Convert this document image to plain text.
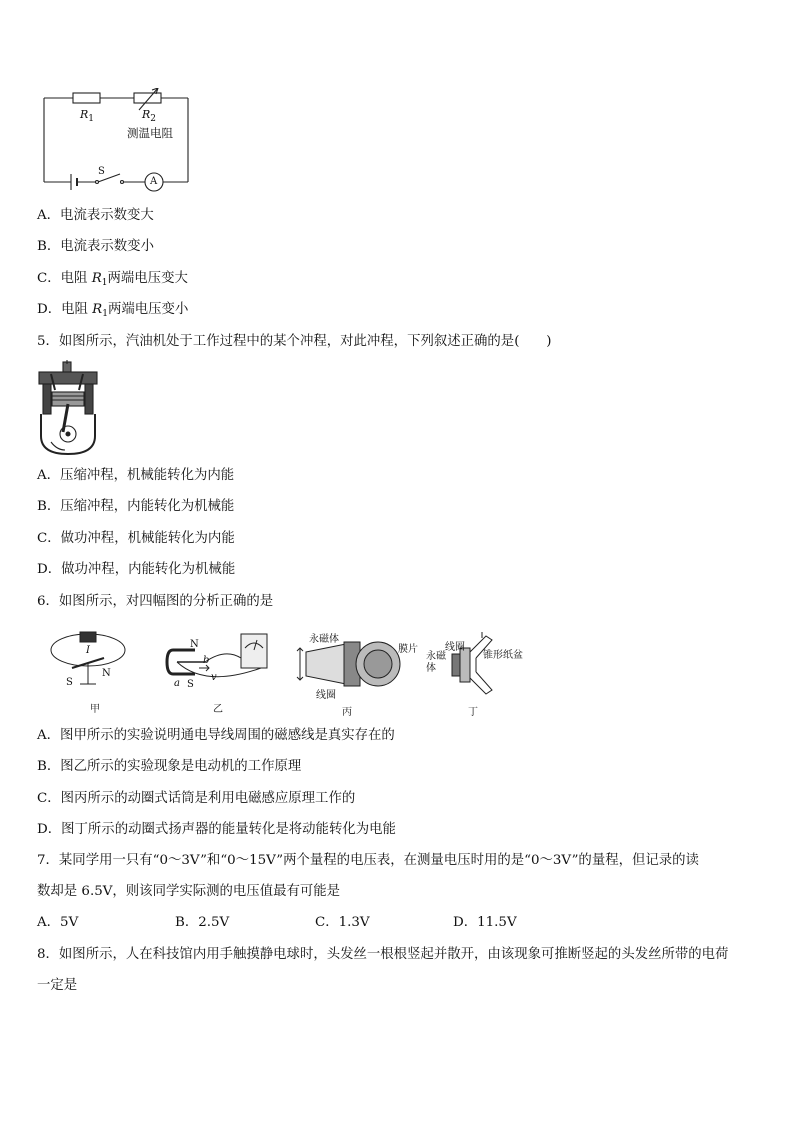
$R_1$	$R_2$
测温电阻
S
A
A．电流表示数变大
B．电流表示数变小
C．电阻 $R_1$两端电压变大
D．电阻 $R_1$两端电压变小
5．如图所示，汽油机处于工作过程中的某个冲程，对此冲程，下列叙述正确的是(　　)
A．压缩冲程，机械能转化为内能
B．压缩冲程，内能转化为机械能
C．做功冲程，机械能转化为内能
D．做功冲程，内能转化为机械能
6．如图所示，对四幅图的分析正确的是
I
S
N
甲
N
b
v
a S
乙
永磁体
膜片
线圈
丙
线圈
锥形纸盆
永磁
体
丁
A．图甲所示的实验说明通电导线周围的磁感线是真实存在的
B．图乙所示的实验现象是电动机的工作原理
C．图丙所示的动圈式话筒是利用电磁感应原理工作的
D．图丁所示的动圈式扬声器的能量转化是将动能转化为电能
7．某同学用一只有“0～3V”和“0～15V”两个量程的电压表，在测量电压时用的是“0～3V”的量程，但记录的读
数却是 6.5V，则该同学实际测的电压值最有可能是
A．5V	B．2.5V	C．1.3V	D．11.5V
8．如图所示，人在科技馆内用手触摸静电球时，头发丝一根根竖起并散开，由该现象可推断竖起的头发丝所带的电荷
一定是
